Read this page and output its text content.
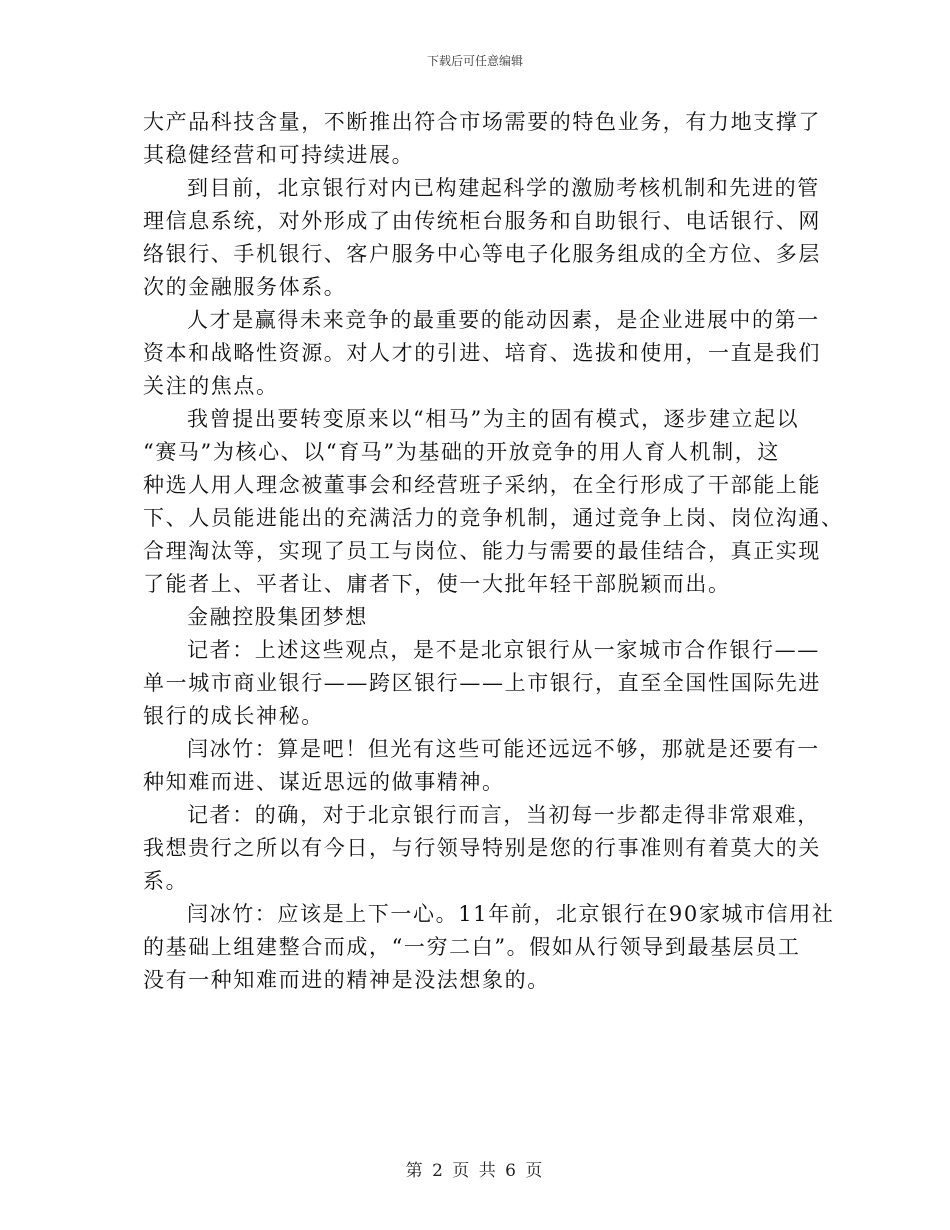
下载后可任意编辑
大产品科技含量，不断推出符合市场需要的特色业务，有力地支撑了
其稳健经营和可持续进展。
到目前，北京银行对内已构建起科学的激励考核机制和先进的管
理信息系统，对外形成了由传统柜台服务和自助银行、电话银行、网
络银行、手机银行、客户服务中心等电子化服务组成的全方位、多层
次的金融服务体系。
人才是赢得未来竞争的最重要的能动因素，是企业进展中的第一
资本和战略性资源。对人才的引进、培育、选拔和使用，一直是我们
关注的焦点。
我曾提出要转变原来以“相马”为主的固有模式，逐步建立起以
“赛马”为核心、以“育马”为基础的开放竞争的用人育人机制，这
种选人用人理念被董事会和经营班子采纳，在全行形成了干部能上能
下、人员能进能出的充满活力的竞争机制，通过竞争上岗、岗位沟通、
合理淘汰等，实现了员工与岗位、能力与需要的最佳结合，真正实现
了能者上、平者让、庸者下，使一大批年轻干部脱颖而出。
金融控股集团梦想
记者：上述这些观点，是不是北京银行从一家城市合作银行——
单一城市商业银行——跨区银行——上市银行，直至全国性国际先进
银行的成长神秘。
闫冰竹：算是吧！但光有这些可能还远远不够，那就是还要有一
种知难而进、谋近思远的做事精神。
记者：的确，对于北京银行而言，当初每一步都走得非常艰难，
我想贵行之所以有今日，与行领导特别是您的行事准则有着莫大的关
系。
闫冰竹：应该是上下一心。11年前，北京银行在90家城市信用社
的基础上组建整合而成，“一穷二白”。假如从行领导到最基层员工
没有一种知难而进的精神是没法想象的。
第 2 页 共 6 页
